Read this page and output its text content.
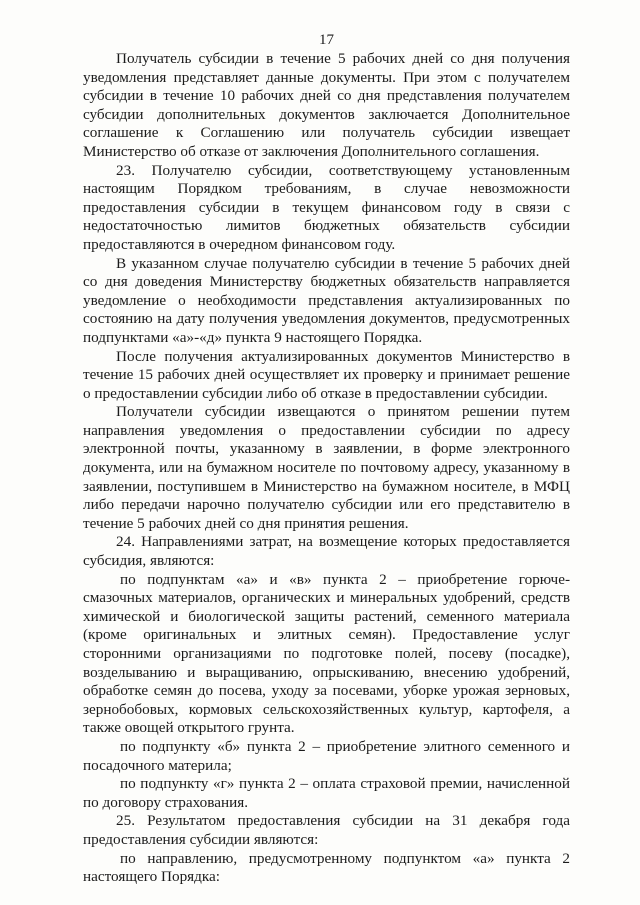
17

Получатель субсидии в течение 5 рабочих дней со дня получения уведомления представляет данные документы. При этом с получателем субсидии в течение 10 рабочих дней со дня представления получателем субсидии дополнительных документов заключается Дополнительное соглашение к Соглашению или получатель субсидии извещает Министерство об отказе от заключения Дополнительного соглашения.

23. Получателю субсидии, соответствующему установленным настоящим Порядком требованиям, в случае невозможности предоставления субсидии в текущем финансовом году в связи с недостаточностью лимитов бюджетных обязательств субсидии предоставляются в очередном финансовом году.

В указанном случае получателю субсидии в течение 5 рабочих дней со дня доведения Министерству бюджетных обязательств направляется уведомление о необходимости представления актуализированных по состоянию на дату получения уведомления документов, предусмотренных подпунктами «а»-«д» пункта 9 настоящего Порядка.

После получения актуализированных документов Министерство в течение 15 рабочих дней осуществляет их проверку и принимает решение о предоставлении субсидии либо об отказе в предоставлении субсидии.

Получатели субсидии извещаются о принятом решении путем направления уведомления о предоставлении субсидии по адресу электронной почты, указанному в заявлении, в форме электронного документа, или на бумажном носителе по почтовому адресу, указанному в заявлении, поступившем в Министерство на бумажном носителе, в МФЦ либо передачи нарочно получателю субсидии или его представителю в течение 5 рабочих дней со дня принятия решения.

24. Направлениями затрат, на возмещение которых предоставляется субсидия, являются:

по подпунктам «а» и «в» пункта 2 – приобретение горюче-смазочных материалов, органических и минеральных удобрений, средств химической и биологической защиты растений, семенного материала (кроме оригинальных и элитных семян). Предоставление услуг сторонними организациями по подготовке полей, посеву (посадке), возделыванию и выращиванию, опрыскиванию, внесению удобрений, обработке семян до посева, уходу за посевами, уборке урожая зерновых, зернобобовых, кормовых сельскохозяйственных культур, картофеля, а также овощей открытого грунта.

по подпункту «б» пункта 2 – приобретение элитного семенного и посадочного материла;

по подпункту «г» пункта 2 – оплата страховой премии, начисленной по договору страхования.

25. Результатом предоставления субсидии на 31 декабря года предоставления субсидии являются:

по направлению, предусмотренному подпунктом «а» пункта 2 настоящего Порядка:
